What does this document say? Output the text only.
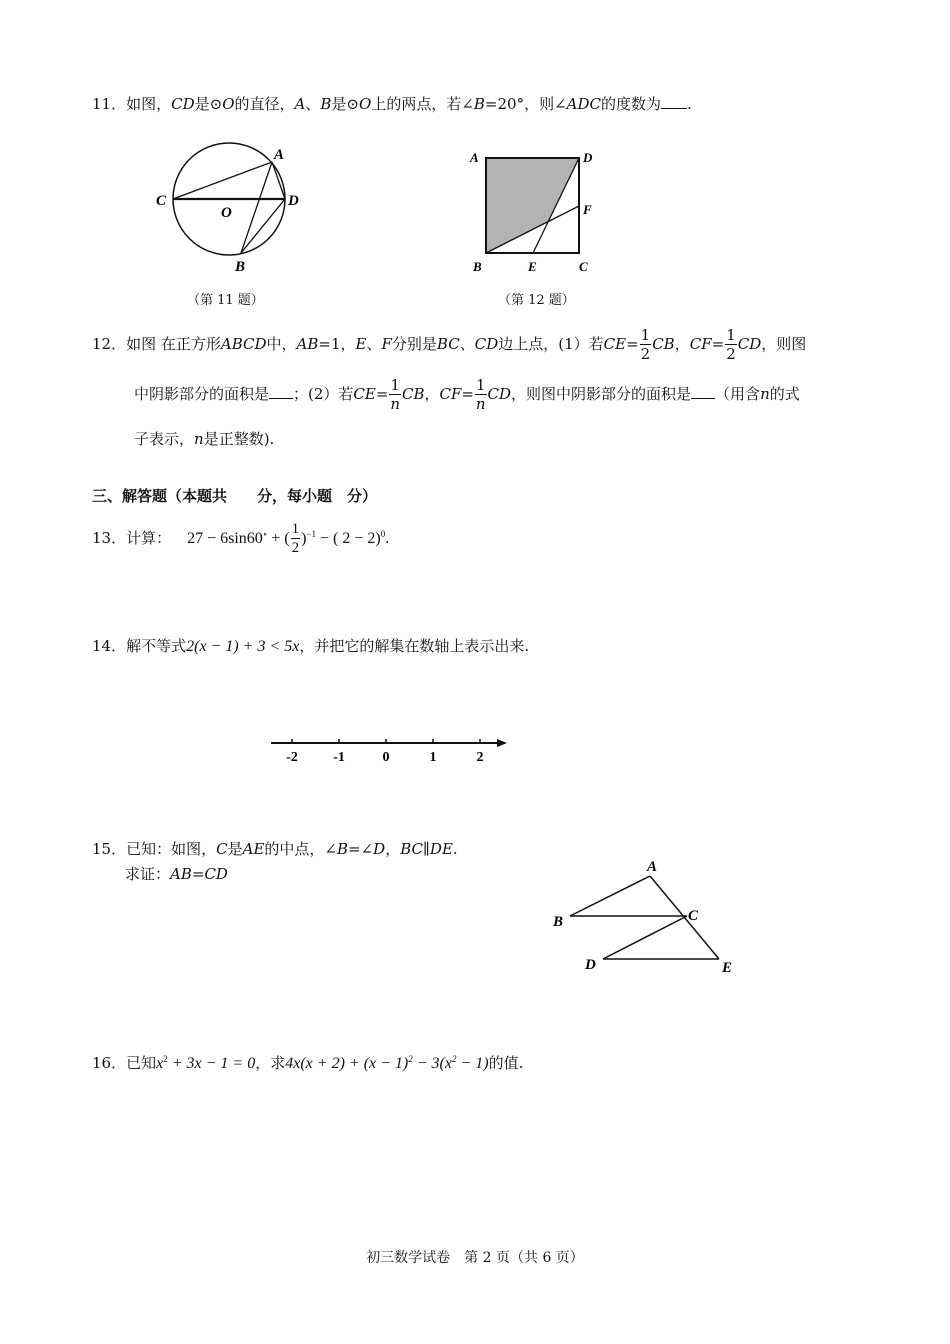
11．如图，CD是⊙O的直径，A、B是⊙O上的两点，若∠B=20°，则∠ADC的度数为 .
A
C	D
O
B
（第 11 题）
A	D
F
B	E	C
（第 12 题）
12．如图 在正方形ABCD中，AB=1，E、F分别是BC、CD边上点，(1）若$CE= \frac{1}{2}$ CB，$CF= \frac{1}{2}$ CD，则图
中阴影部分的面积是 ；(2）若$CE= \frac{1}{n}$ CB，$CF= \frac{1}{n}$ CD，则图中阴影部分的面积是 （用含n的式
子表示，n是正整数).
三、解答题（本题共　　分，每小题　分）
13．计算： 27 − 6sin60∘ + ( $\frac{1}{2} )^{-1}$ − ( 2 − 2)$^0$.
14．解不等式2(x − 1) + 3 < 5x，并把它的解集在数轴上表示出来.
-2	-1	0	1	2
15．已知：如图，C是AE的中点，∠B=∠D，BC∥DE.
求证：AB=CD	A
B	C
D	E
16．已知$x^2 + 3x - 1 = 0$，求$4x(x + 2) + (x - 1)^2 - 3(x^2 - 1)$的值.
初三数学试卷　第 2 页（共 6 页）
